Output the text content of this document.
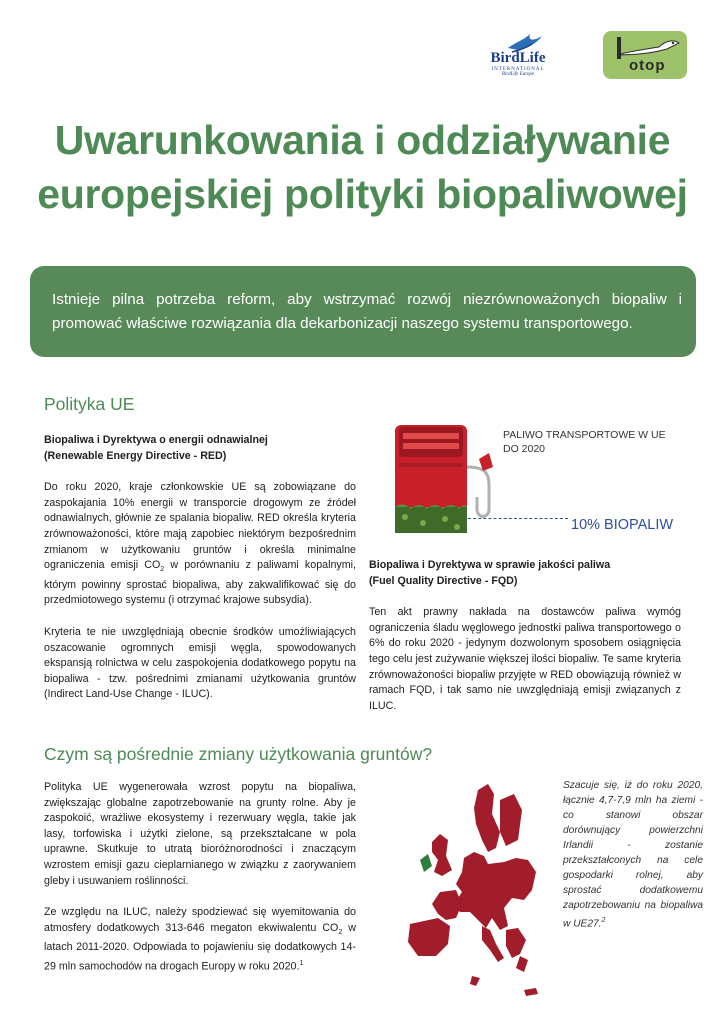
BirdLife
INTERNATIONAL
BirdLife Europe
otop
Uwarunkowania i oddziaływanie
europejskiej polityki biopaliwowej

Istnieje pilna potrzeba reform, aby wstrzymać rozwój niezrównoważonych biopaliw i promować właściwe rozwiązania dla dekarbonizacji naszego systemu transportowego.

Polityka UE

Biopaliwa i Dyrektywa o energii odnawialnej

(Renewable Energy Directive - RED)

Do roku 2020, kraje członkowskie UE są zobowiązane do zaspokajania 10% energii w transporcie drogowym ze źródeł odnawialnych, głównie ze spalania biopaliw. RED określa kryteria zrównoważoności, które mają zapobiec niektórym bezpośrednim zmianom w użytkowaniu gruntów i określa minimalne ograniczenia emisji $CO_2$ w porównaniu z paliwami kopalnymi, którym powinny sprostać biopaliwa, aby zakwalifikować się do przedmiotowego systemu (i otrzymać krajowe subsydia).

Kryteria te nie uwzględniają obecnie środków umożliwiających oszacowanie ogromnych emisji węgla, spowodowanych ekspansją rolnictwa w celu zaspokojenia dodatkowego popytu na biopaliwa - tzw. pośrednimi zmianami użytkowania gruntów (Indirect Land-Use Change - ILUC).

PALIWO TRANSPORTOWE W UE
DO 2020
10% BIOPALIW

Biopaliwa i Dyrektywa w sprawie jakości paliwa

(Fuel Quality Directive - FQD)

Ten akt prawny nakłada na dostawców paliwa wymóg ograniczenia śladu węglowego jednostki paliwa transportowego o 6% do roku 2020 - jedynym dozwolonym sposobem osiągnięcia tego celu jest zużywanie większej ilości biopaliw. Te same kryteria zrównoważoności biopaliw przyjęte w RED obowiązują również w ramach FQD, i tak samo nie uwzględniają emisji związanych z ILUC.

Czym są pośrednie zmiany użytkowania gruntów?

Polityka UE wygenerowała wzrost popytu na biopaliwa, zwiększając globalne zapotrzebowanie na grunty rolne. Aby je zaspokoić, wrażliwe ekosystemy i rezerwuary węgla, takie jak lasy, torfowiska i użytki zielone, są przekształcane w pola uprawne. Skutkuje to utratą bioróżnorodności i znaczącym wzrostem emisji gazu cieplarnianego w związku z zaorywaniem gleby i usuwaniem roślinności.

Ze względu na ILUC, należy spodziewać się wyemitowania do atmosfery dodatkowych 313-646 megaton ekwiwalentu $CO_2$ w latach 2011-2020. Odpowiada to pojawieniu się dodatkowych 14-29 mln samochodów na drogach Europy w roku 2020.$^1$

Szacuje się, iż do roku 2020, łącznie 4,7-7,9 mln ha ziemi - co stanowi obszar dorównujący powierzchni Irlandii - zostanie przekształconych na cele gospodarki rolnej, aby sprostać dodatkowemu zapotrzebowaniu na biopaliwa w UE27.$^2$
